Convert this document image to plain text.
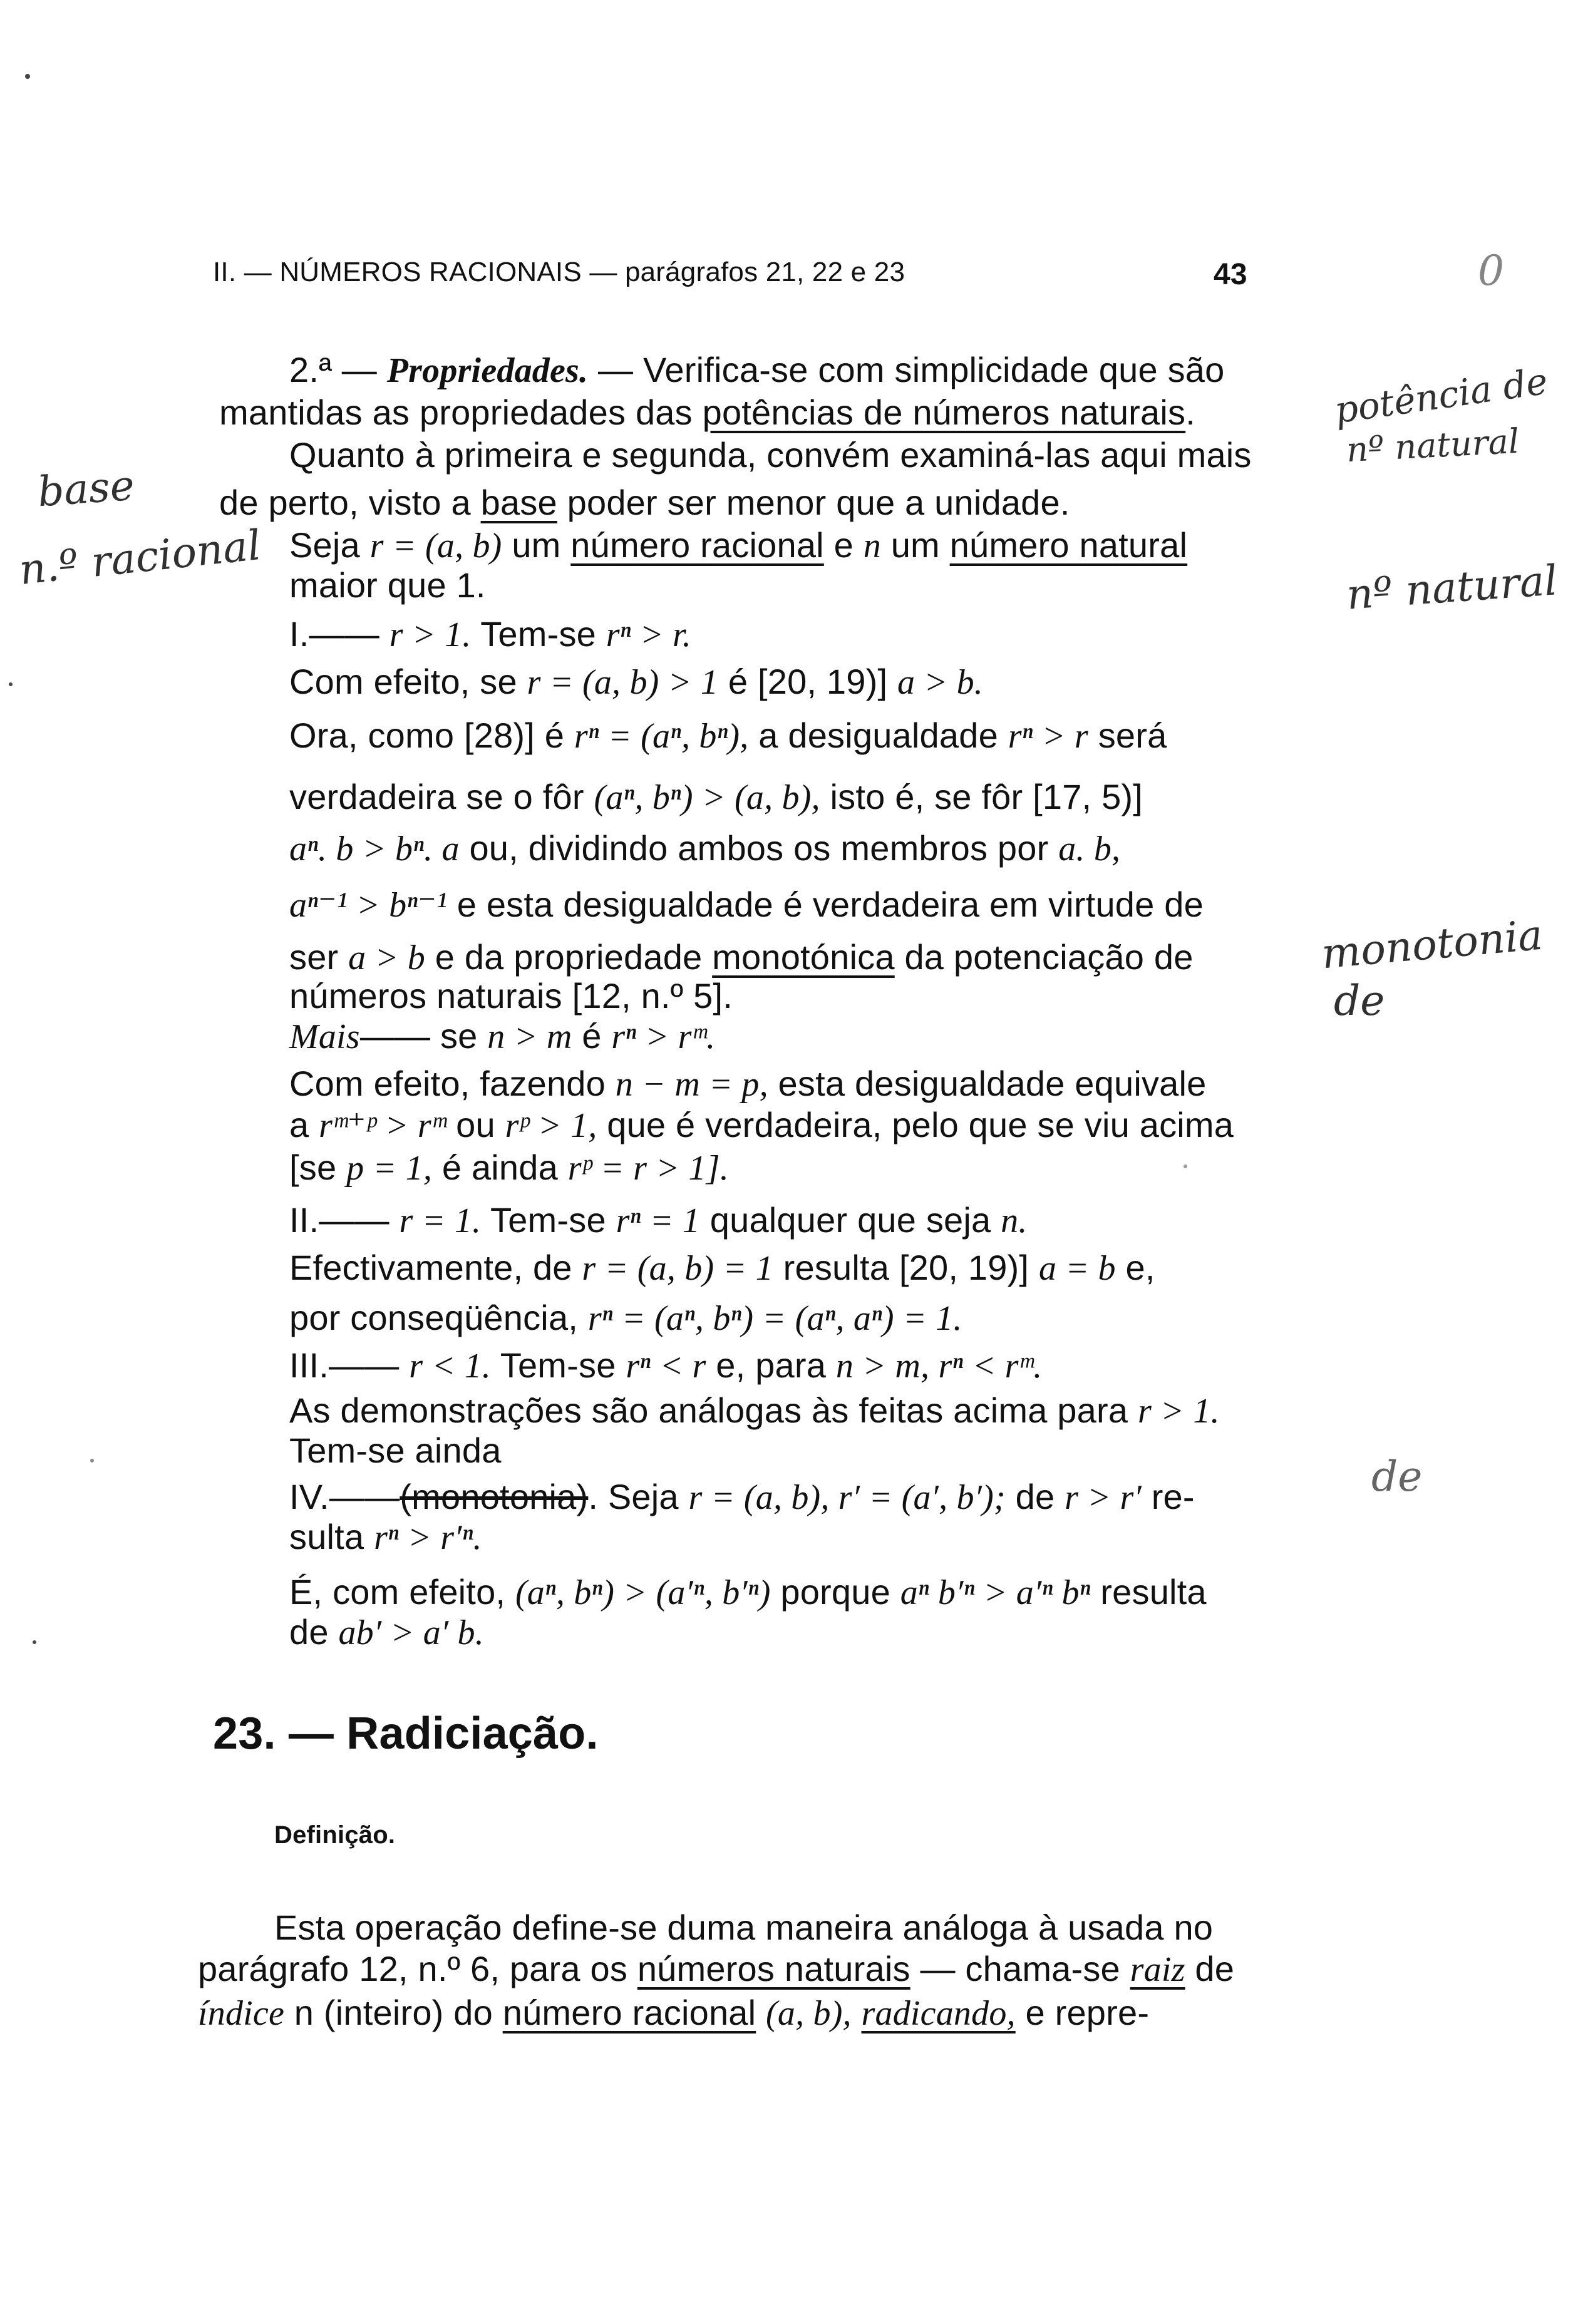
II. — NÚMEROS RACIONAIS — parágrafos 21, 22 e 23	43
2.ª — Propriedades. — Verifica-se com simplicidade que são
mantidas as propriedades das potências de números naturais.
Quanto à primeira e segunda, convém examiná-las aqui mais
de perto, visto a base poder ser menor que a unidade.
Seja r = (a, b) um número racional e n um número natural
maior que 1.
I.—— r > 1. Tem-se rⁿ > r.
Com efeito, se r = (a, b) > 1 é [20, 19)] a > b.
Ora, como [28)] é rⁿ = (aⁿ, bⁿ), a desigualdade rⁿ > r será
verdadeira se o fôr (aⁿ, bⁿ) > (a, b), isto é, se fôr [17, 5)]
aⁿ. b > bⁿ. a ou, dividindo ambos os membros por a. b,
aⁿ⁻¹ > bⁿ⁻¹ e esta desigualdade é verdadeira em virtude de
ser a > b e da propriedade monotónica da potenciação de
números naturais [12, n.º 5].
Mais—— se n > m é rⁿ > rᵐ.
Com efeito, fazendo n − m = p, esta desigualdade equivale
a rᵐ⁺ᵖ > rᵐ ou rᵖ > 1, que é verdadeira, pelo que se viu acima
[se p = 1, é ainda rᵖ = r > 1].
II.—— r = 1. Tem-se rⁿ = 1 qualquer que seja n.
Efectivamente, de r = (a, b) = 1 resulta [20, 19)] a = b e,
por conseqüência, rⁿ = (aⁿ, bⁿ) = (aⁿ, aⁿ) = 1.
III.—— r < 1. Tem-se rⁿ < r e, para n > m, rⁿ < rᵐ.
As demonstrações são análogas às feitas acima para r > 1.
Tem-se ainda
IV.——(monotonia). Seja r = (a, b), r′ = (a′, b′); de r > r′ re-
sulta rⁿ > r′ⁿ.
É, com efeito, (aⁿ, bⁿ) > (a′ⁿ, b′ⁿ) porque aⁿ b′ⁿ > a′ⁿ bⁿ resulta
de ab′ > a′ b.
23. — Radiciação.
Definição.
Esta operação define-se duma maneira análoga à usada no
parágrafo 12, n.º 6, para os números naturais — chama-se raiz de
índice n (inteiro) do número racional (a, b), radicando, e repre-
base
n.º racional
potência de
nº natural
nº natural
monotonia
de
de
0
